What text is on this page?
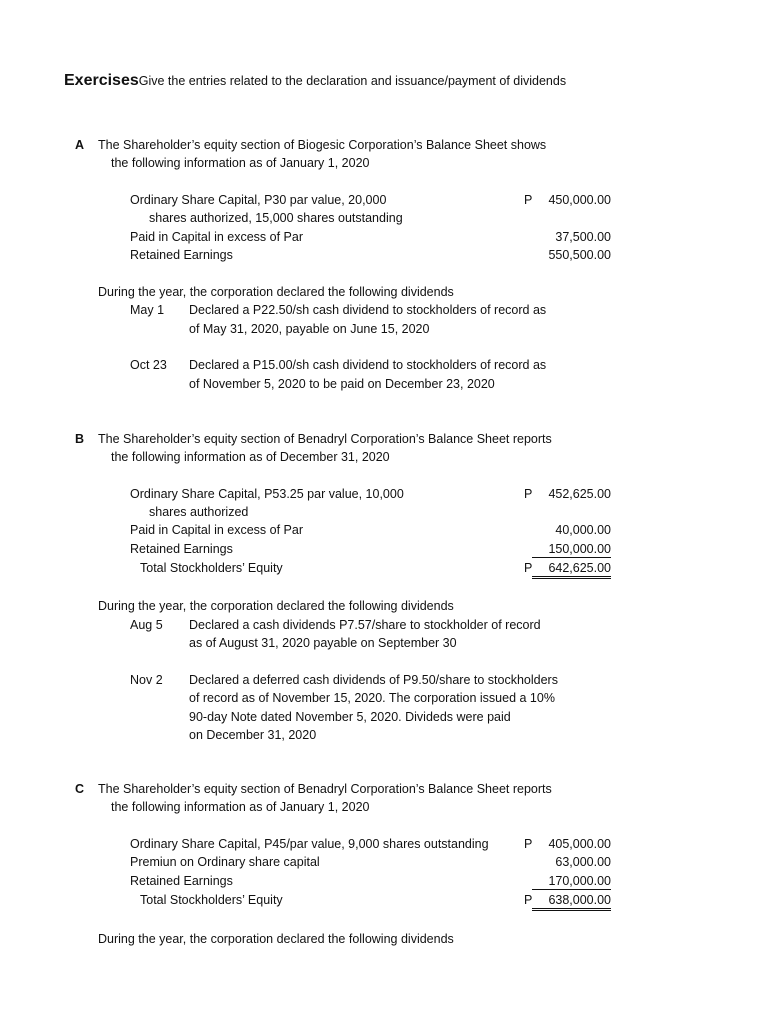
ExercisesGive the entries related to the declaration and issuance/payment of dividends
A The Shareholder’s equity section of Biogesic Corporation’s Balance Sheet shows
the following information as of January 1, 2020
Ordinary Share Capital, P30 par value, 20,000	P	450,000.00
shares authorized, 15,000 shares outstanding
Paid in Capital in excess of Par	37,500.00
Retained Earnings	550,500.00
During the year, the corporation declared the following dividends
May 1 Declared a P22.50/sh cash dividend to stockholders of record as
of May 31, 2020, payable on June 15, 2020
Oct 23 Declared a P15.00/sh cash dividend to stockholders of record as
of November 5, 2020 to be paid on December 23, 2020
B The Shareholder’s equity section of Benadryl Corporation’s Balance Sheet reports
the following information as of December 31, 2020
Ordinary Share Capital, P53.25 par value, 10,000	P	452,625.00
shares authorized
Paid in Capital in excess of Par	40,000.00
Retained Earnings	150,000.00
Total Stockholders’ Equity	P	642,625.00
During the year, the corporation declared the following dividends
Aug 5 Declared a cash dividends P7.57/share to stockholder of record
as of August 31, 2020 payable on September 30
Nov 2 Declared a deferred cash dividends of P9.50/share to stockholders
of record as of November 15, 2020. The corporation issued a 10%
90-day Note dated November 5, 2020. Divideds were paid
on December 31, 2020
C The Shareholder’s equity section of Benadryl Corporation’s Balance Sheet reports
the following information as of January 1, 2020
Ordinary Share Capital, P45/par value, 9,000 shares outstanding	P	405,000.00
Premiun on Ordinary share capital	63,000.00
Retained Earnings	170,000.00
Total Stockholders’ Equity	P	638,000.00
During the year, the corporation declared the following dividends
